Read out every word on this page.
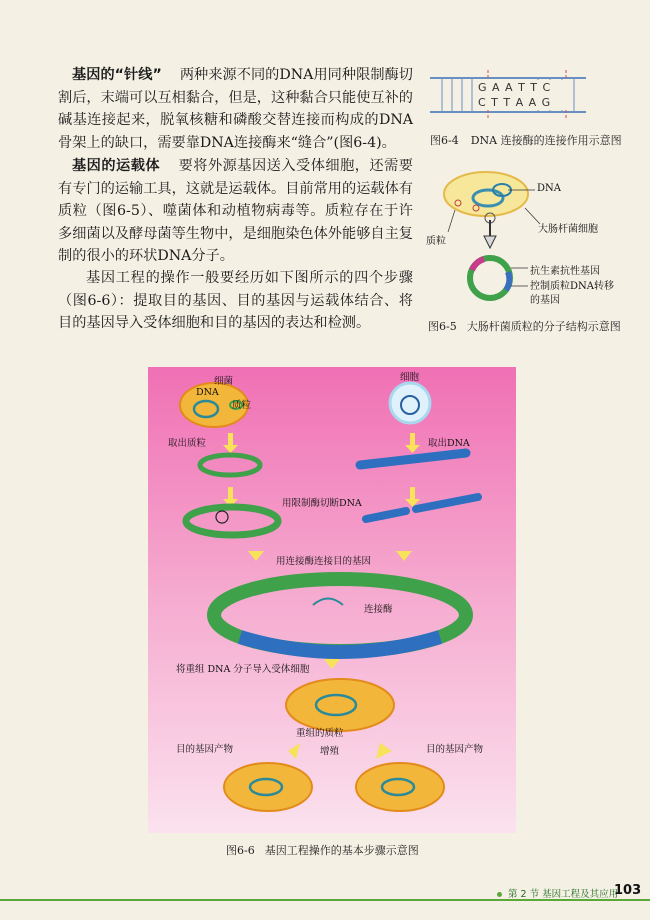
基因的“针线” 两种来源不同的DNA用同种限制酶切割后，末端可以互相黏合，但是，这种黏合只能使互补的碱基连接起来，脱氧核糖和磷酸交替连接而构成的DNA骨架上的缺口，需要靠DNA连接酶来“缝合”(图6-4)。
基因的运载体 要将外源基因送入受体细胞，还需要有专门的运输工具，这就是运载体。目前常用的运载体有质粒（图6-5）、噬菌体和动植物病毒等。质粒存在于许多细菌以及酵母菌等生物中，是细胞染色体外能够自主复制的很小的环状DNA分子。
基因工程的操作一般要经历如下图所示的四个步骤（图6-6）：提取目的基因、目的基因与运载体结合、将目的基因导入受体细胞和目的基因的表达和检测。
G A A T T C
C T T A A G
图6-4 DNA 连接酶的连接作用示意图
DNA
大肠杆菌细胞
质粒
抗生素抗性基因
控制质粒DNA转移的基因
图6-5 大肠杆菌质粒的分子结构示意图
细菌
DNA
质粒
细胞
取出质粒	取出DNA
用限制酶切断DNA
用连接酶连接目的基因
连接酶
将重组 DNA 分子导入受体细胞
重组的质粒
增殖
目的基因产物	目的基因产物
图6-6 基因工程操作的基本步骤示意图
第 2 节 基因工程及其应用
103
